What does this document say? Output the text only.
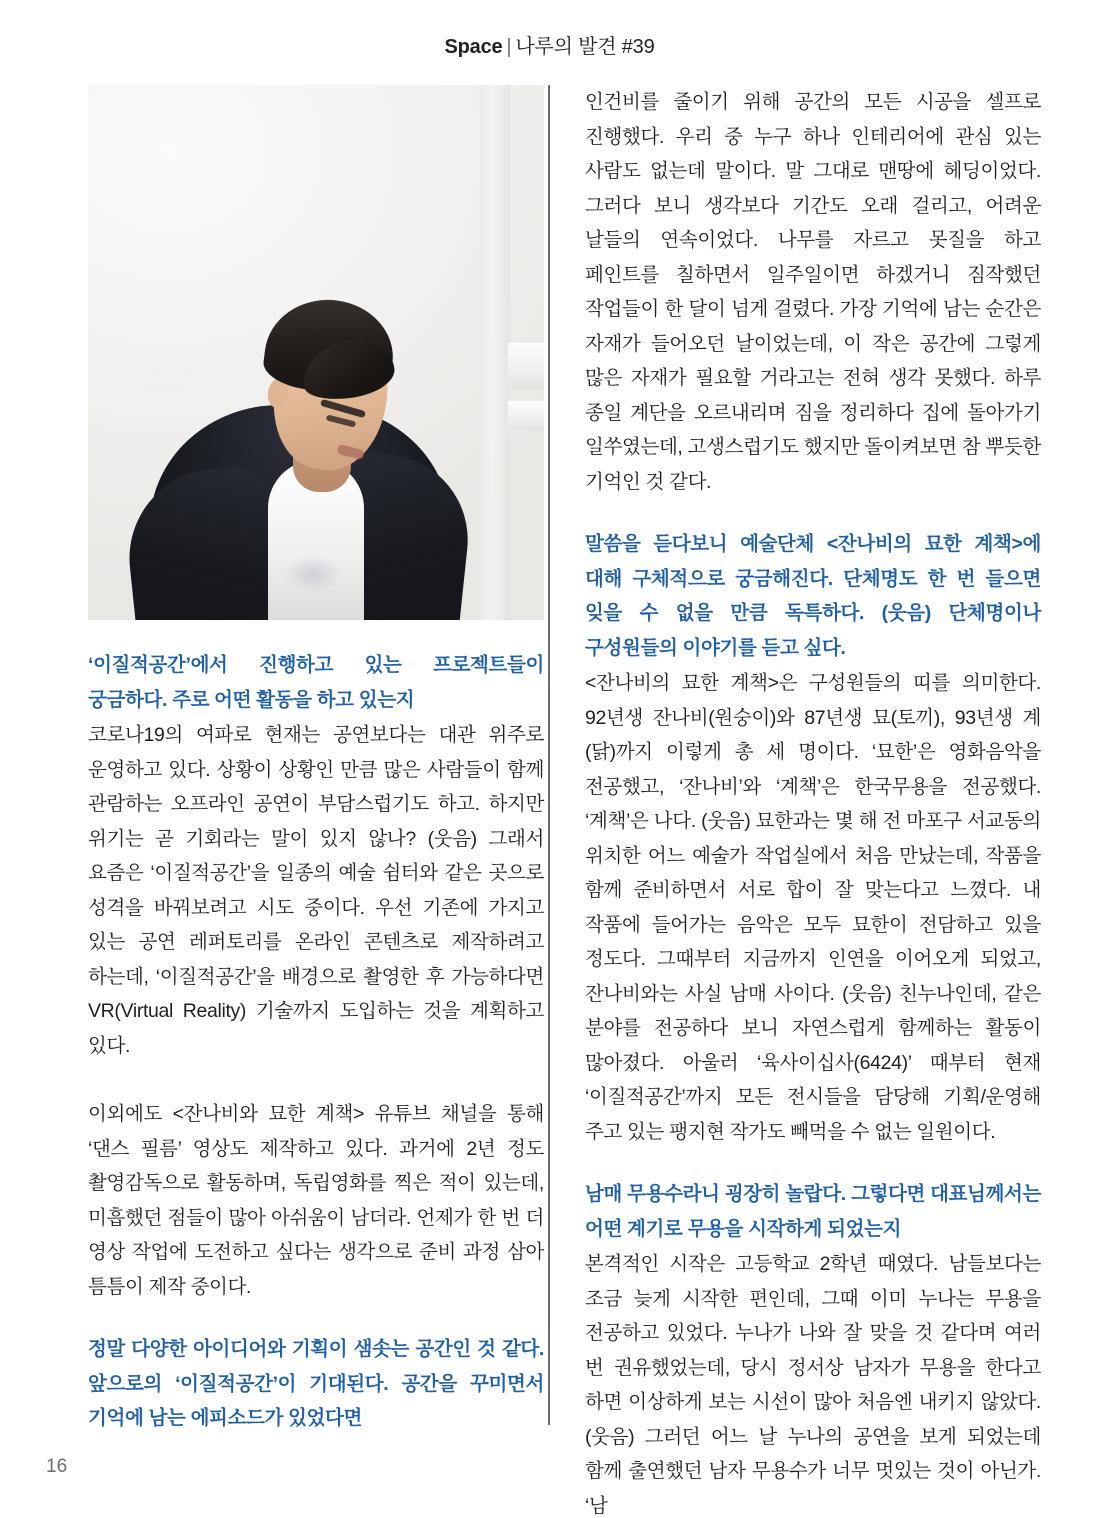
Space | 나루의 발견 #39

‘이질적공간’에서 진행하고 있는 프로젝트들이 궁금하다. 주로 어떤 활동을 하고 있는지

코로나19의 여파로 현재는 공연보다는 대관 위주로 운영하고 있다. 상황이 상황인 만큼 많은 사람들이 함께 관람하는 오프라인 공연이 부담스럽기도 하고. 하지만 위기는 곧 기회라는 말이 있지 않나? (웃음) 그래서 요즘은 ‘이질적공간’을 일종의 예술 쉼터와 같은 곳으로 성격을 바꿔보려고 시도 중이다. 우선 기존에 가지고 있는 공연 레퍼토리를 온라인 콘텐츠로 제작하려고 하는데, ‘이질적공간’을 배경으로 촬영한 후 가능하다면 VR(Virtual Reality) 기술까지 도입하는 것을 계획하고 있다.

이외에도 <잔나비와 묘한 계책> 유튜브 채널을 통해 ‘댄스 필름’ 영상도 제작하고 있다. 과거에 2년 정도 촬영감독으로 활동하며, 독립영화를 찍은 적이 있는데, 미흡했던 점들이 많아 아쉬움이 남더라. 언제가 한 번 더 영상 작업에 도전하고 싶다는 생각으로 준비 과정 삼아 틈틈이 제작 중이다.

정말 다양한 아이디어와 기획이 샘솟는 공간인 것 같다. 앞으로의 ‘이질적공간’이 기대된다. 공간을 꾸미면서 기억에 남는 에피소드가 있었다면

인건비를 줄이기 위해 공간의 모든 시공을 셀프로 진행했다. 우리 중 누구 하나 인테리어에 관심 있는 사람도 없는데 말이다. 말 그대로 맨땅에 헤딩이었다. 그러다 보니 생각보다 기간도 오래 걸리고, 어려운 날들의 연속이었다. 나무를 자르고 못질을 하고 페인트를 칠하면서 일주일이면 하겠거니 짐작했던 작업들이 한 달이 넘게 걸렸다. 가장 기억에 남는 순간은 자재가 들어오던 날이었는데, 이 작은 공간에 그렇게 많은 자재가 필요할 거라고는 전혀 생각 못했다. 하루 종일 계단을 오르내리며 짐을 정리하다 집에 돌아가기 일쑤였는데, 고생스럽기도 했지만 돌이켜보면 참 뿌듯한 기억인 것 같다.

말씀을 듣다보니 예술단체 <잔나비의 묘한 계책>에 대해 구체적으로 궁금해진다. 단체명도 한 번 들으면 잊을 수 없을 만큼 독특하다. (웃음) 단체명이나 구성원들의 이야기를 듣고 싶다.

<잔나비의 묘한 계책>은 구성원들의 띠를 의미한다. 92년생 잔나비(원숭이)와 87년생 묘(토끼), 93년생 계(닭)까지 이렇게 총 세 명이다. ‘묘한’은 영화음악을 전공했고, ‘잔나비’와 ‘계책’은 한국무용을 전공했다. ‘계책’은 나다. (웃음) 묘한과는 몇 해 전 마포구 서교동의 위치한 어느 예술가 작업실에서 처음 만났는데, 작품을 함께 준비하면서 서로 합이 잘 맞는다고 느꼈다. 내 작품에 들어가는 음악은 모두 묘한이 전담하고 있을 정도다. 그때부터 지금까지 인연을 이어오게 되었고, 잔나비와는 사실 남매 사이다. (웃음) 친누나인데, 같은 분야를 전공하다 보니 자연스럽게 함께하는 활동이 많아졌다. 아울러 ‘육사이십사(6424)’ 때부터 현재 ‘이질적공간’까지 모든 전시들을 담당해 기획/운영해 주고 있는 팽지현 작가도 빼먹을 수 없는 일원이다.

남매 무용수라니 굉장히 놀랍다. 그렇다면 대표님께서는 어떤 계기로 무용을 시작하게 되었는지

본격적인 시작은 고등학교 2학년 때였다. 남들보다는 조금 늦게 시작한 편인데, 그때 이미 누나는 무용을 전공하고 있었다. 누나가 나와 잘 맞을 것 같다며 여러 번 권유했었는데, 당시 정서상 남자가 무용을 한다고 하면 이상하게 보는 시선이 많아 처음엔 내키지 않았다. (웃음) 그러던 어느 날 누나의 공연을 보게 되었는데 함께 출연했던 남자 무용수가 너무 멋있는 것이 아닌가. ‘남

16
